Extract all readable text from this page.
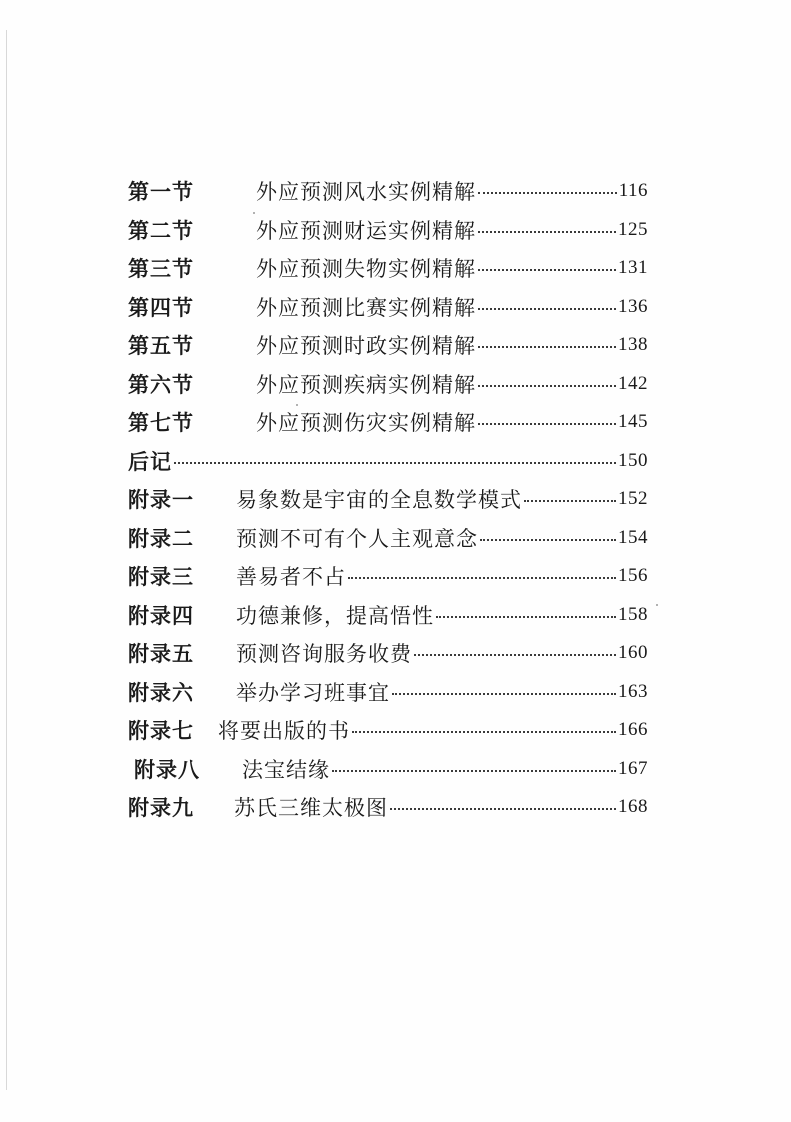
第一节	外应预测风水实例精解	116
第二节	外应预测财运实例精解	125
第三节	外应预测失物实例精解	131
第四节	外应预测比赛实例精解	136
第五节	外应预测时政实例精解	138
第六节	外应预测疾病实例精解	142
第七节	外应预测伤灾实例精解	145
后记	150
附录一	易象数是宇宙的全息数学模式	152
附录二	预测不可有个人主观意念	154
附录三	善易者不占	156
附录四	功德兼修，提高悟性	158
附录五	预测咨询服务收费	160
附录六	举办学习班事宜	163
附录七	将要出版的书	166
附录八	法宝结缘	167
附录九	苏氏三维太极图	168
